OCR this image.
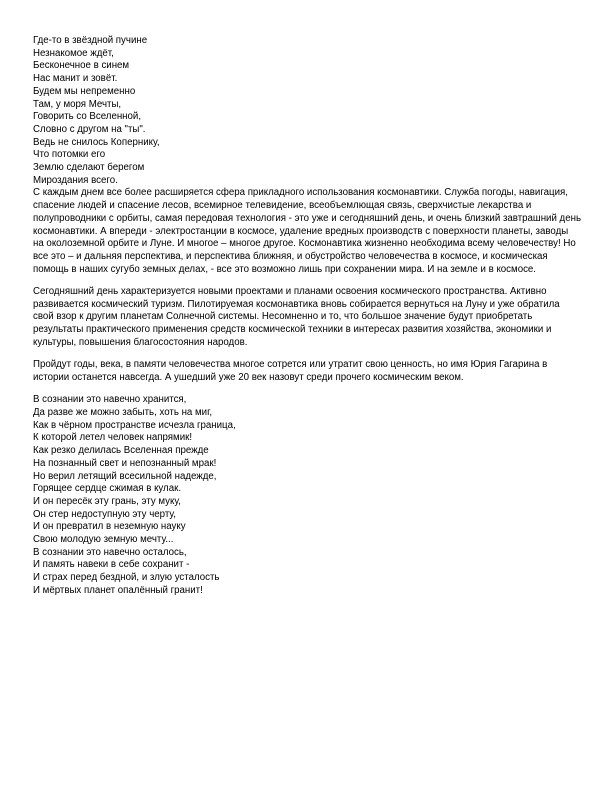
Где-то в звёздной пучине
Незнакомое ждёт,
Бесконечное в синем
Нас манит и зовёт.
Будем мы непременно
Там, у моря Мечты,
Говорить со Вселенной,
Словно с другом на "ты".
Ведь не снилось Копернику,
Что потомки его
Землю сделают берегом
Мироздания всего.

С каждым днем все более расширяется сфера прикладного использования космонавтики. Служба погоды, навигация, спасение людей и спасение лесов, всемирное телевидение, всеобъемлющая связь, сверхчистые лекарства и полупроводники с орбиты, самая передовая технология - это уже и сегодняшний день, и очень близкий завтрашний день космонавтики. А впереди - электростанции в космосе, удаление вредных производств с поверхности планеты, заводы на околоземной орбите и Луне. И многое – многое другое. Космонавтика жизненно необходима всему человечеству! Но все это – и дальняя перспектива, и перспектива ближняя, и обустройство человечества в космосе, и космическая помощь в наших сугубо земных делах, - все это возможно лишь при сохранении мира. И на земле и в космосе.

Сегодняшний день характеризуется новыми проектами и планами освоения космического пространства. Активно развивается космический туризм. Пилотируемая космонавтика вновь собирается вернуться на Луну и уже обратила свой взор к другим планетам Солнечной системы. Несомненно и то, что большое значение будут приобретать результаты практического применения средств космической техники в интересах развития хозяйства, экономики и культуры, повышения благосостояния народов.

Пройдут годы, века, в памяти человечества многое сотрется или утратит свою ценность, но имя Юрия Гагарина в истории останется навсегда. А ушедший уже 20 век назовут среди прочего космическим веком.

В сознании это навечно хранится,
Да разве же можно забыть, хоть на миг,
Как в чёрном пространстве исчезла граница,
К которой летел человек напрямик!
Как резко делилась Вселенная прежде
На познанный свет и непознанный мрак!
Но верил летящий всесильной надежде,
Горящее сердце сжимая в кулак.
И он пересёк эту грань, эту муку,
Он стер недоступную эту черту,
И он превратил в неземную науку
Свою молодую земную мечту...
В сознании это навечно осталось,
И память навеки в себе сохранит -
И страх перед бездной, и злую усталость
И мёртвых планет опалённый гранит!
